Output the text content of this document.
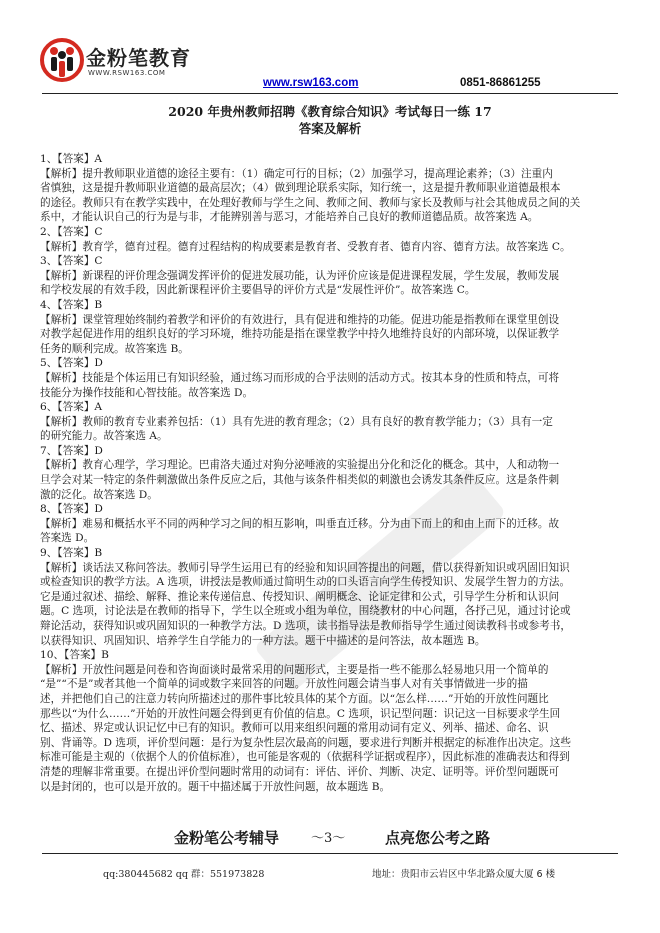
金粉笔教育
WWW.RSW163.COM
www.rsw163.com	0851-86861255

2020 年贵州教师招聘《教育综合知识》考试每日一练 17

答案及解析

1、【答案】A
【解析】提升教师职业道德的途径主要有：（1）确定可行的目标；（2）加强学习，提高理论素养；（3）注重内
省慎独，这是提升教师职业道德的最高层次；（4）做到理论联系实际，知行统一，这是提升教师职业道德最根本
的途径。教师只有在教学实践中，在处理好教师与学生之间、教师之间、教师与家长及教师与社会其他成员之间的关
系中，才能认识自己的行为是与非，才能辨别善与恶习，才能培养自己良好的教师道德品质。故答案选 A。
2、【答案】C
【解析】教育学，德育过程。德育过程结构的构成要素是教育者、受教育者、德育内容、德育方法。故答案选 C。
3、【答案】C
【解析】新课程的评价理念强调发挥评价的促进发展功能，认为评价应该是促进课程发展，学生发展，教师发展
和学校发展的有效手段，因此新课程评价主要倡导的评价方式是“发展性评价”。故答案选 C。
4、【答案】B
【解析】课堂管理始终制约着教学和评价的有效进行，具有促进和维持的功能。促进功能是指教师在课堂里创设
对教学起促进作用的组织良好的学习环境，维持功能是指在课堂教学中持久地维持良好的内部环境，以保证教学
任务的顺利完成。故答案选 B。
5、【答案】D
【解析】技能是个体运用已有知识经验，通过练习而形成的合乎法则的活动方式。按其本身的性质和特点，可将
技能分为操作技能和心智技能。故答案选 D。
6、【答案】A
【解析】教师的教育专业素养包括：（1）具有先进的教育理念；（2）具有良好的教育教学能力；（3）具有一定
的研究能力。故答案选 A。
7、【答案】D
【解析】教育心理学，学习理论。巴甫洛夫通过对狗分泌唾液的实验提出分化和泛化的概念。其中，人和动物一
旦学会对某一特定的条件刺激做出条件反应之后，其他与该条件相类似的刺激也会诱发其条件反应。这是条件刺
激的泛化。故答案选 D。
8、【答案】D
【解析】难易和概括水平不同的两种学习之间的相互影响，叫垂直迁移。分为由下而上的和由上而下的迁移。故
答案选 D。
9、【答案】B
【解析】谈话法又称问答法。教师引导学生运用已有的经验和知识回答提出的问题，借以获得新知识或巩固旧知识
或检查知识的教学方法。A 选项，讲授法是教师通过简明生动的口头语言向学生传授知识、发展学生智力的方法。
它是通过叙述、描绘、解释、推论来传递信息、传授知识、阐明概念、论证定律和公式，引导学生分析和认识问
题。C 选项，讨论法是在教师的指导下，学生以全班或小组为单位，围绕教材的中心问题，各抒己见，通过讨论或
辩论活动，获得知识或巩固知识的一种教学方法。D 选项，读书指导法是教师指导学生通过阅读教科书或参考书，
以获得知识、巩固知识、培养学生自学能力的一种方法。题干中描述的是问答法，故本题选 B。
10、【答案】B
【解析】开放性问题是问卷和咨询面谈时最常采用的问题形式，主要是指一些不能那么轻易地只用一个简单的
“是”“不是”或者其他一个简单的词或数字来回答的问题。开放性问题会请当事人对有关事情做进一步的描
述，并把他们自己的注意力转向所描述过的那件事比较具体的某个方面。以“怎么样……”开始的开放性问题比
那些以“为什么……”开始的开放性问题会得到更有价值的信息。C 选项，识记型问题：识记这一目标要求学生回
忆、描述、界定或认识记忆中已有的知识。教师可以用来组织问题的常用动词有定义、列举、描述、命名、识
别、背诵等。D 选项，评价型问题：是行为复杂性层次最高的问题，要求进行判断并根据定的标准作出决定。这些
标准可能是主观的（依据个人的价值标准），也可能是客观的（依据科学证据或程序），因此标准的准确表达和得到
清楚的理解非常重要。在提出评价型问题时常用的动词有：评估、评价、判断、决定、证明等。评价型问题既可
以是封闭的，也可以是开放的。题干中描述属于开放性问题，故本题选 B。
金粉笔公考辅导 ～3～	点亮您公考之路
qq:380445682 qq 群：551973828	地址：贵阳市云岩区中华北路众厦大厦 6 楼
